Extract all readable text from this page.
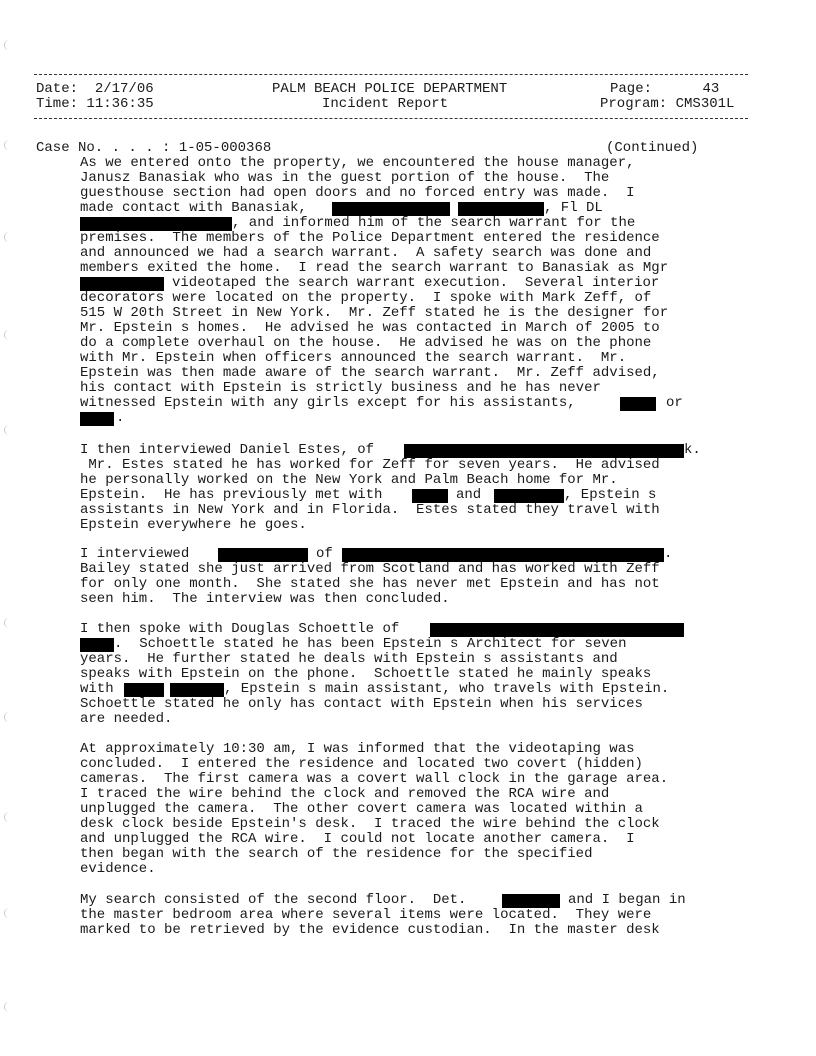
Date: 2/17/06
Time: 11:36:35
PALM BEACH POLICE DEPARTMENT
Incident Report
Page:	43
Program: CMS301L
Case No. . . . : 1-05-000368	(Continued)
As we entered onto the property, we encountered the house manager,
Janusz Banasiak who was in the guest portion of the house.  The
guesthouse section had open doors and no forced entry was made.  I
made contact with Banasiak,	, Fl DL
, and informed him of the search warrant for the
premises.  The members of the Police Department entered the residence
and announced we had a search warrant.  A safety search was done and
members exited the home.  I read the search warrant to Banasiak as Mgr
videotaped the search warrant execution.  Several interior
decorators were located on the property.  I spoke with Mark Zeff, of
515 W 20th Street in New York.  Mr. Zeff stated he is the designer for
Mr. Epstein s homes.  He advised he was contacted in March of 2005 to
do a complete overhaul on the house.  He advised he was on the phone
with Mr. Epstein when officers announced the search warrant.  Mr.
Epstein was then made aware of the search warrant.  Mr. Zeff advised,
his contact with Epstein is strictly business and he has never
witnessed Epstein with any girls except for his assistants,	or
.
I then interviewed Daniel Estes, of	k.
Mr. Estes stated he has worked for Zeff for seven years.  He advised
he personally worked on the New York and Palm Beach home for Mr.
Epstein.  He has previously met with	and	, Epstein s
assistants in New York and in Florida.  Estes stated they travel with
Epstein everywhere he goes.
I interviewed	of	.
Bailey stated she just arrived from Scotland and has worked with Zeff
for only one month.  She stated she has never met Epstein and has not
seen him.  The interview was then concluded.
I then spoke with Douglas Schoettle of
.  Schoettle stated he has been Epstein s Architect for seven
years.  He further stated he deals with Epstein s assistants and
speaks with Epstein on the phone.  Schoettle stated he mainly speaks
with	, Epstein s main assistant, who travels with Epstein.
Schoettle stated he only has contact with Epstein when his services
are needed.
At approximately 10:30 am, I was informed that the videotaping was
concluded.  I entered the residence and located two covert (hidden)
cameras.  The first camera was a covert wall clock in the garage area.
I traced the wire behind the clock and removed the RCA wire and
unplugged the camera.  The other covert camera was located within a
desk clock beside Epstein's desk.  I traced the wire behind the clock
and unplugged the RCA wire.  I could not locate another camera.  I
then began with the search of the residence for the specified
evidence.
My search consisted of the second floor.  Det.	and I began in
the master bedroom area where several items were located.  They were
marked to be retrieved by the evidence custodian.  In the master desk
